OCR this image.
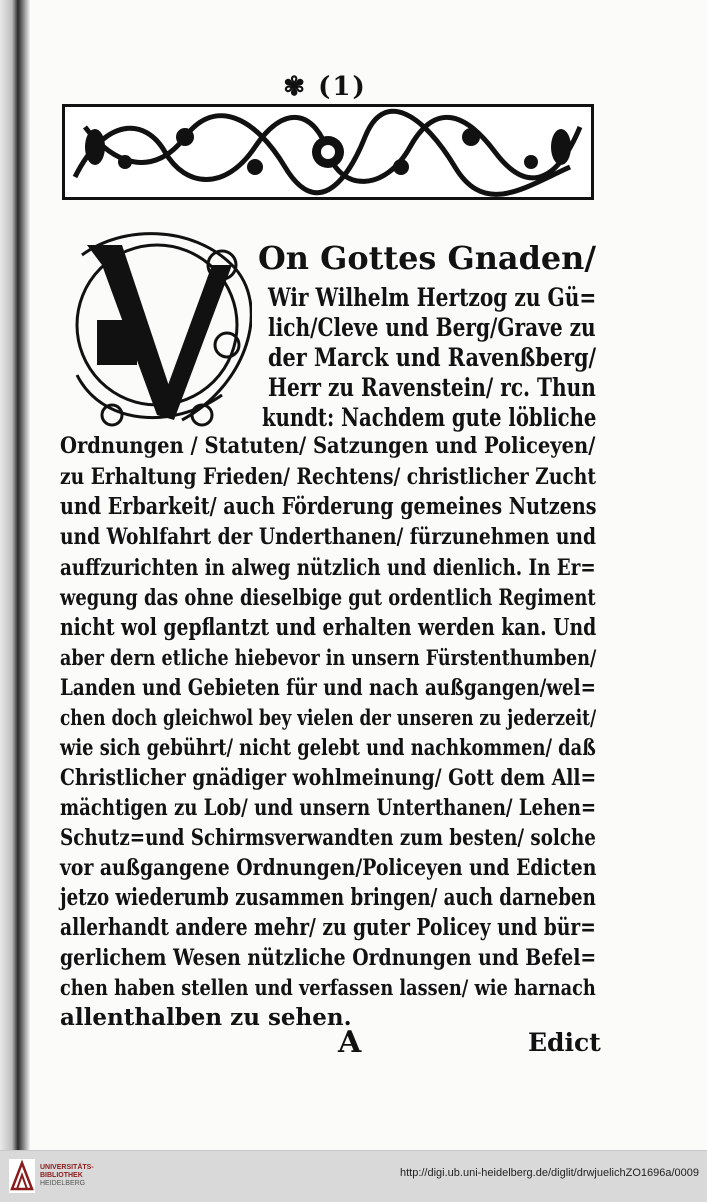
✾ (1)
On Gottes Gnaden/
Wir Wilhelm Hertzog zu Gü=
lich/Cleve und Berg/Grave zu
der Marck und Ravenßberg/
Herr zu Ravenstein/ rc. Thun
kundt: Nachdem gute löbliche
Ordnungen / Statuten/ Satzungen und Policeyen/
zu Erhaltung Frieden/ Rechtens/ christlicher Zucht
und Erbarkeit/ auch Förderung gemeines Nutzens
und Wohlfahrt der Underthanen/ fürzunehmen und
auffzurichten in alweg nützlich und dienlich. In Er=
wegung das ohne dieselbige gut ordentlich Regiment
nicht wol gepflantzt und erhalten werden kan. Und
aber dern etliche hiebevor in unsern Fürstenthumben/
Landen und Gebieten für und nach außgangen/wel=
chen doch gleichwol bey vielen der unseren zu jederzeit/
wie sich gebührt/ nicht gelebt und nachkommen/ daß
Christlicher gnädiger wohlmeinung/ Gott dem All=
mächtigen zu Lob/ und unsern Unterthanen/ Lehen=
Schutz=und Schirmsverwandten zum besten/ solche
vor außgangene Ordnungen/Policeyen und Edicten
jetzo wiederumb zusammen bringen/ auch darneben
allerhandt andere mehr/ zu guter Policey und bür=
gerlichem Wesen nützliche Ordnungen und Befel=
chen haben stellen und verfassen lassen/ wie harnach
allenthalben zu sehen.
A	Edict
UNIVERSITÄTS-
BIBLIOTHEK
HEIDELBERG
http://digi.ub.uni-heidelberg.de/diglit/drwjuelichZO1696a/0009
